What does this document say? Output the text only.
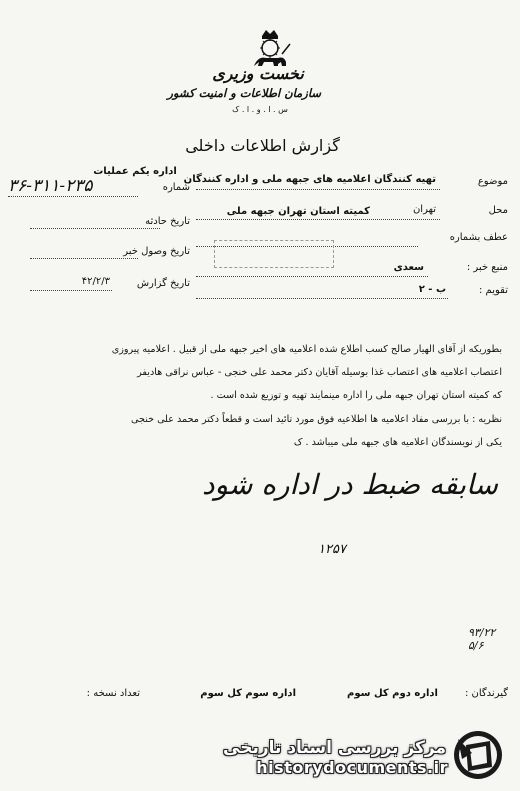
نخست وزیری
سازمان اطلاعات و امنیت کشور
س . ا . و . ا . ک
گزارش اطلاعات داخلی
موضوع
تهیه کنندگان اعلامیه های جبهه ملی و اداره کنندگان
محل
تهران
کمیته استان تهران جبهه ملی
عطف بشماره
منبع خبر :
سعدی
تقویم :
ب - ۲
اداره یکم عملیات
شماره
۳۶-۳۱۱-۲۳۵
تاریخ حادثه
تاریخ وصول خبر
تاریخ گزارش
۴۲/۲/۳
بطوریکه از آقای الهیار صالح کسب اطلاع شده اعلامیه های اخیر جبهه ملی از قبیل . اعلامیه پیروزی
اعتصاب اعلامیه های اعتصاب غذا بوسیله آقایان دکتر محمد علی خنجی - عباس نراقی هادیفر
که کمیته استان تهران جبهه ملی را اداره مینمایند تهیه و توزیع شده است .
نظریه : با بررسی مفاد اعلامیه ها اطلاعیه فوق مورد تائید است و قطعاً دکتر محمد علی خنجی
یکی از نویسندگان اعلامیه های جبهه ملی میباشد . ک
سابقه ضبط در اداره شود
۱۲۵۷
۹۳/۲۲
۵/۶
گیرندگان :
اداره دوم کل سوم
اداره سوم کل سوم
تعداد نسخه :
مرکز بررسی اسناد تاریخی
historydocuments.ir
